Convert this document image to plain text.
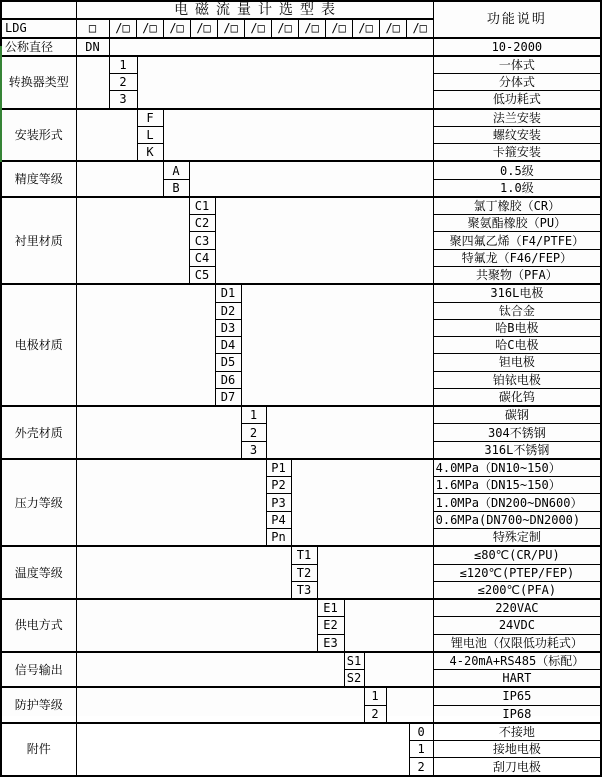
	电磁流量计选型表														功能说明
LDG	□	/□	/□	/□	/□	/□	/□	/□	/□	/□	/□	/□	/□

公称直径	DN														10-2000
转换器类型		1													一体式
		2													分体式
		3													低功耗式
安装形式			F												法兰安装
			L												螺纹安装
			K												卡箍安装
精度等级				A											0.5级
				B											1.0级
衬里材质					C1										氯丁橡胶（CR）
					C2										聚氨酯橡胶（PU）
					C3										聚四氟乙烯（F4/PTFE）
					C4										特氟龙（F46/FEP）
					C5										共聚物（PFA）
电极材质						D1									316L电极
						D2									钛合金
						D3									哈B电极
						D4									哈C电极
						D5									钽电极
						D6									铂铱电极
						D7									碳化钨
外壳材质							1								碳钢
							2								304不锈钢
							3								316L不锈钢
压力等级								P1							4.0MPa（DN10~150）
								P2							1.6MPa（DN15~150）
								P3							1.0MPa（DN200~DN600）
								P4							0.6MPa(DN700~DN2000)
								Pn							特殊定制
温度等级									T1						≤80℃(CR/PU)
									T2						≤120℃(PTEP/FEP)
									T3						≤200℃(PFA)
供电方式										E1					220VAC
										E2					24VDC
										E3					锂电池（仅限低功耗式）
信号输出											S1				4-20mA+RS485（标配）
											S2				HART
防护等级												1			IP65
												2			IP68
附件														0	不接地
														1	接地电极
														2	刮刀电极
